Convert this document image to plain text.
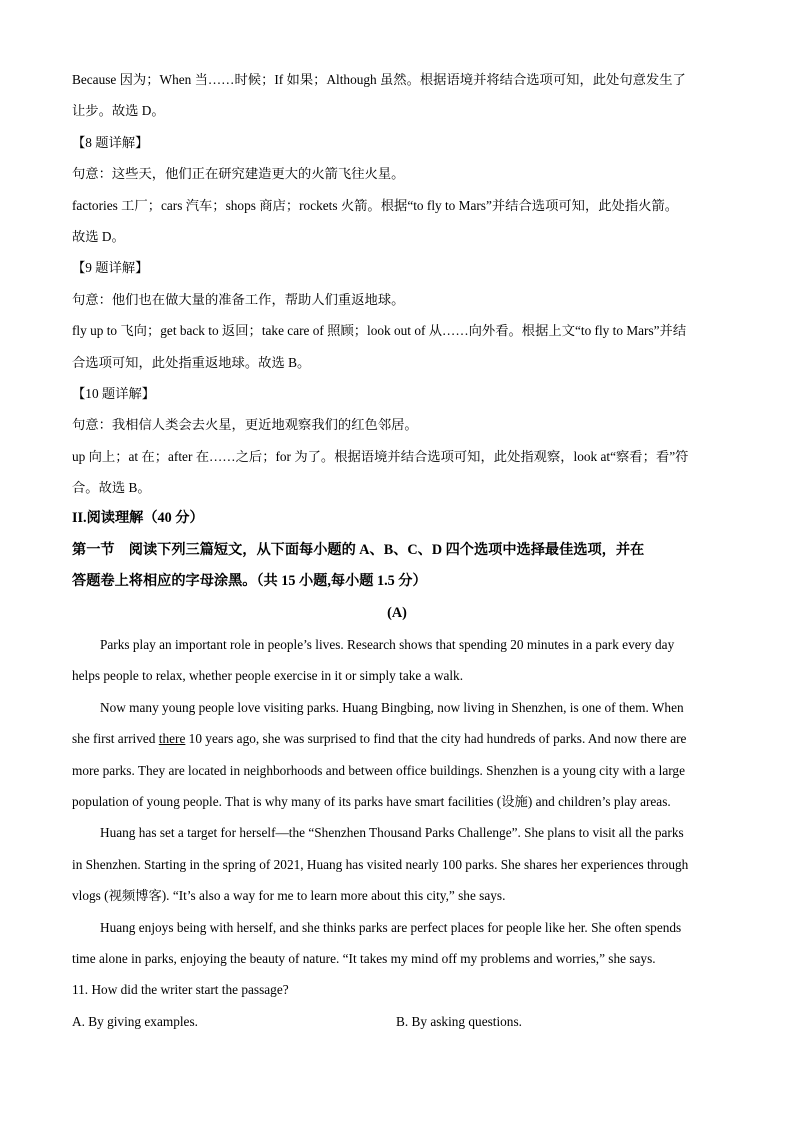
Because 因为；When 当……时候；If 如果；Although 虽然。根据语境并将结合选项可知，此处句意发生了
让步。故选 D。
【8 题详解】
句意：这些天，他们正在研究建造更大的火箭飞往火星。
factories 工厂；cars 汽车；shops 商店；rockets 火箭。根据“to fly to Mars”并结合选项可知，此处指火箭。
故选 D。
【9 题详解】
句意：他们也在做大量的准备工作，帮助人们重返地球。
fly up to 飞向；get back to 返回；take care of 照顾；look out of 从……向外看。根据上文“to fly to Mars”并结
合选项可知，此处指重返地球。故选 B。
【10 题详解】
句意：我相信人类会去火星，更近地观察我们的红色邻居。
up 向上；at 在；after 在……之后；for 为了。根据语境并结合选项可知，此处指观察，look at“察看；看”符
合。故选 B。
II.阅读理解（40 分）
第一节　阅读下列三篇短文，从下面每小题的 A、B、C、D 四个选项中选择最佳选项，并在
答题卷上将相应的字母涂黑。（共 15 小题,每小题 1.5 分）
(A)
Parks play an important role in people’s lives. Research shows that spending 20 minutes in a park every day
helps people to relax, whether people exercise in it or simply take a walk.
Now many young people love visiting parks. Huang Bingbing, now living in Shenzhen, is one of them. When
she first arrived there 10 years ago, she was surprised to find that the city had hundreds of parks. And now there are
more parks. They are located in neighborhoods and between office buildings. Shenzhen is a young city with a large
population of young people. That is why many of its parks have smart facilities (设施) and children’s play areas.
Huang has set a target for herself—the “Shenzhen Thousand Parks Challenge”. She plans to visit all the parks
in Shenzhen. Starting in the spring of 2021, Huang has visited nearly 100 parks. She shares her experiences through
vlogs (视频博客). “It’s also a way for me to learn more about this city,” she says.
Huang enjoys being with herself, and she thinks parks are perfect places for people like her. She often spends
time alone in parks, enjoying the beauty of nature. “It takes my mind off my problems and worries,” she says.
11. How did the writer start the passage?
A. By giving examples.	B. By asking questions.
